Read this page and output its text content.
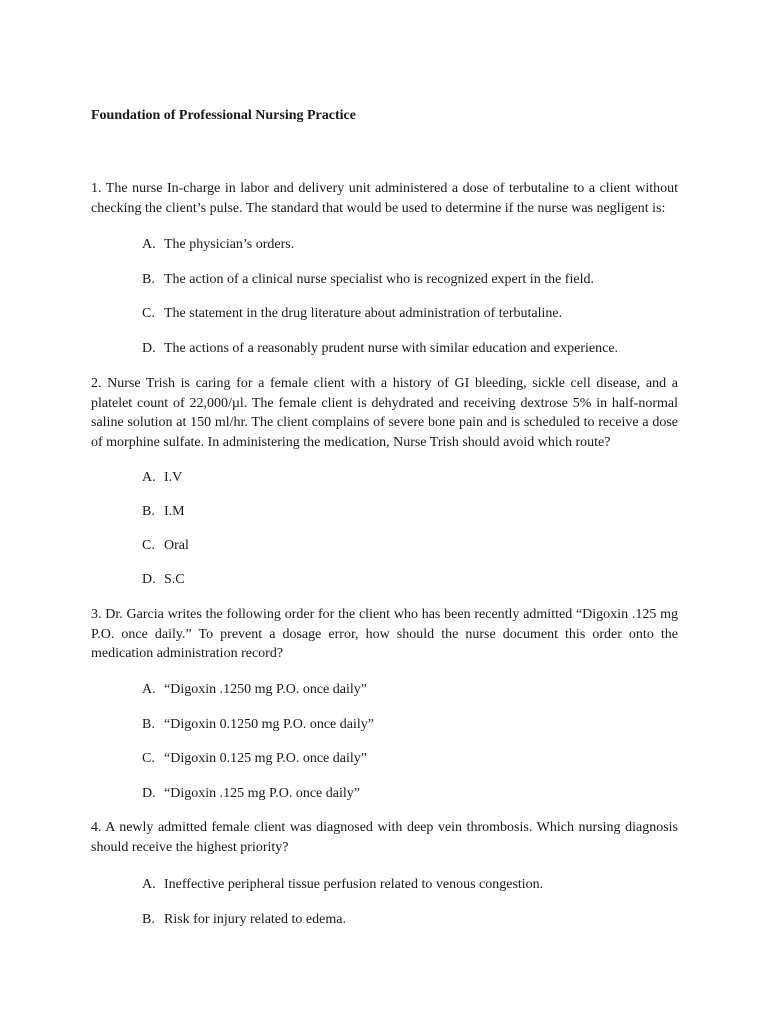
Foundation of Professional Nursing Practice

1. The nurse In-charge in labor and delivery unit administered a dose of terbutaline to a client without checking the client’s pulse. The standard that would be used to determine if the nurse was negligent is:

A. The physician’s orders.

B. The action of a clinical nurse specialist who is recognized expert in the field.

C. The statement in the drug literature about administration of terbutaline.

D. The actions of a reasonably prudent nurse with similar education and experience.

2. Nurse Trish is caring for a female client with a history of GI bleeding, sickle cell disease, and a platelet count of 22,000/µl. The female client is dehydrated and receiving dextrose 5% in half-normal saline solution at 150 ml/hr. The client complains of severe bone pain and is scheduled to receive a dose of morphine sulfate. In administering the medication, Nurse Trish should avoid which route?

A. I.V

B. I.M

C. Oral

D. S.C

3. Dr. Garcia writes the following order for the client who has been recently admitted “Digoxin .125 mg P.O. once daily.” To prevent a dosage error, how should the nurse document this order onto the medication administration record?

A. “Digoxin .1250 mg P.O. once daily”

B. “Digoxin 0.1250 mg P.O. once daily”

C. “Digoxin 0.125 mg P.O. once daily”

D. “Digoxin .125 mg P.O. once daily”

4. A newly admitted female client was diagnosed with deep vein thrombosis. Which nursing diagnosis should receive the highest priority?

A. Ineffective peripheral tissue perfusion related to venous congestion.

B. Risk for injury related to edema.
